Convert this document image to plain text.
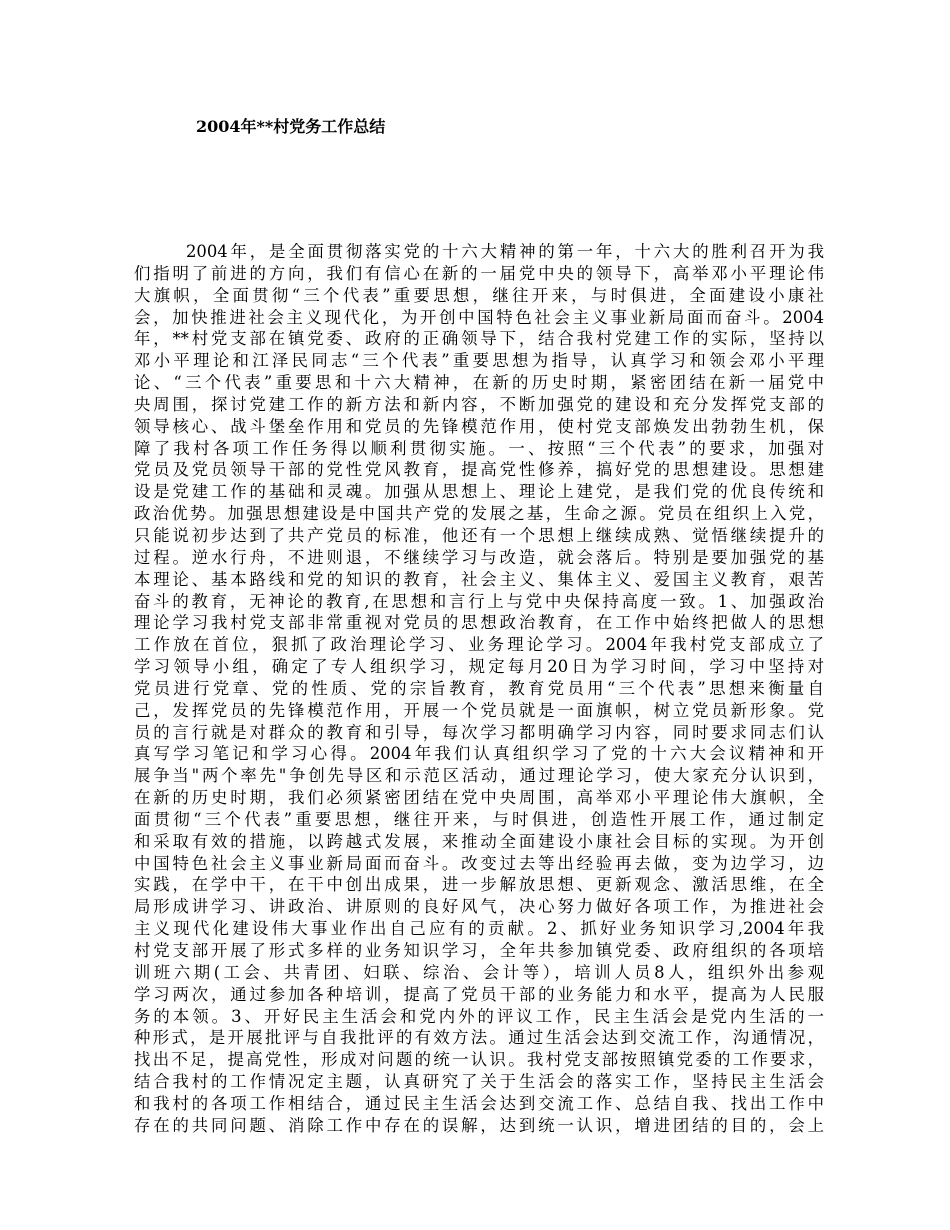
2004年**村党务工作总结
2004年，是全面贯彻落实党的十六大精神的第一年，十六大的胜利召开为我
们指明了前进的方向，我们有信心在新的一届党中央的领导下，高举邓小平理论伟
大旗帜，全面贯彻“三个代表”重要思想，继往开来，与时俱进，全面建设小康社
会，加快推进社会主义现代化，为开创中国特色社会主义事业新局面而奋斗。2004
年，**村党支部在镇党委、政府的正确领导下，结合我村党建工作的实际，坚持以
邓小平理论和江泽民同志“三个代表”重要思想为指导，认真学习和领会邓小平理
论、“三个代表”重要思和十六大精神，在新的历史时期，紧密团结在新一届党中
央周围，探讨党建工作的新方法和新内容，不断加强党的建设和充分发挥党支部的
领导核心、战斗堡垒作用和党员的先锋模范作用，使村党支部焕发出勃勃生机，保
障了我村各项工作任务得以顺利贯彻实施。一、按照“三个代表”的要求，加强对
党员及党员领导干部的党性党风教育，提高党性修养，搞好党的思想建设。思想建
设是党建工作的基础和灵魂。加强从思想上、理论上建党，是我们党的优良传统和
政治优势。加强思想建设是中国共产党的发展之基，生命之源。党员在组织上入党，
只能说初步达到了共产党员的标准，他还有一个思想上继续成熟、觉悟继续提升的
过程。逆水行舟，不进则退，不继续学习与改造，就会落后。特别是要加强党的基
本理论、基本路线和党的知识的教育，社会主义、集体主义、爱国主义教育，艰苦
奋斗的教育，无神论的教育,在思想和言行上与党中央保持高度一致。1、加强政治
理论学习我村党支部非常重视对党员的思想政治教育，在工作中始终把做人的思想
工作放在首位，狠抓了政治理论学习、业务理论学习。2004年我村党支部成立了
学习领导小组，确定了专人组织学习，规定每月20日为学习时间，学习中坚持对
党员进行党章、党的性质、党的宗旨教育，教育党员用“三个代表”思想来衡量自
己，发挥党员的先锋模范作用，开展一个党员就是一面旗帜，树立党员新形象。党
员的言行就是对群众的教育和引导，每次学习都明确学习内容，同时要求同志们认
真写学习笔记和学习心得。2004年我们认真组织学习了党的十六大会议精神和开
展争当"两个率先"争创先导区和示范区活动，通过理论学习，使大家充分认识到，
在新的历史时期，我们必须紧密团结在党中央周围，高举邓小平理论伟大旗帜，全
面贯彻“三个代表”重要思想，继往开来，与时俱进，创造性开展工作，通过制定
和采取有效的措施，以跨越式发展，来推动全面建设小康社会目标的实现。为开创
中国特色社会主义事业新局面而奋斗。改变过去等出经验再去做，变为边学习，边
实践，在学中干，在干中创出成果，进一步解放思想、更新观念、激活思维，在全
局形成讲学习、讲政治、讲原则的良好风气，决心努力做好各项工作，为推进社会
主义现代化建设伟大事业作出自己应有的贡献。2、抓好业务知识学习,2004年我
村党支部开展了形式多样的业务知识学习，全年共参加镇党委、政府组织的各项培
训班六期(工会、共青团、妇联、综治、会计等），培训人员8人，组织外出参观
学习两次，通过参加各种培训，提高了党员干部的业务能力和水平，提高为人民服
务的本领。3、开好民主生活会和党内外的评议工作，民主生活会是党内生活的一
种形式，是开展批评与自我批评的有效方法。通过生活会达到交流工作，沟通情况，
找出不足，提高党性，形成对问题的统一认识。我村党支部按照镇党委的工作要求，
结合我村的工作情况定主题，认真研究了关于生活会的落实工作，坚持民主生活会
和我村的各项工作相结合，通过民主生活会达到交流工作、总结自我、找出工作中
存在的共同问题、消除工作中存在的误解，达到统一认识，增进团结的目的，会上
